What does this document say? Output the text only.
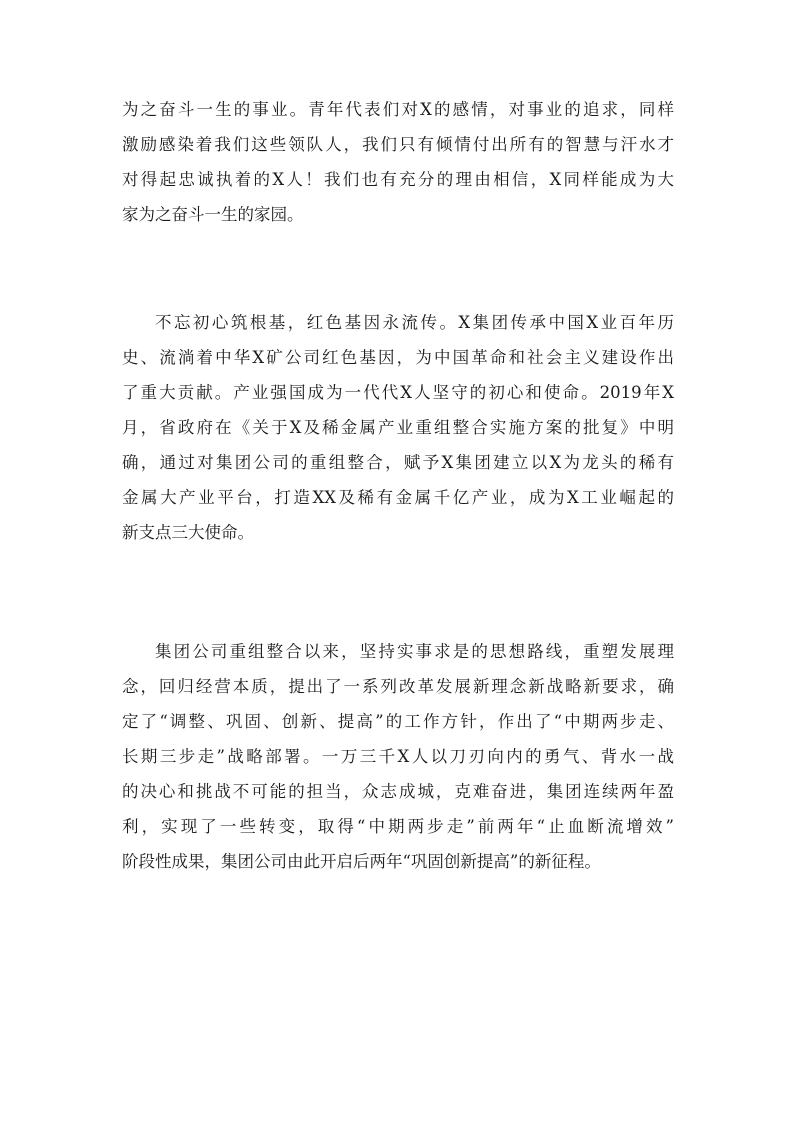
为之奋斗一生的事业。青年代表们对X的感情，对事业的追求，同样
激励感染着我们这些领队人，我们只有倾情付出所有的智慧与汗水才
对得起忠诚执着的X人！我们也有充分的理由相信，X同样能成为大
家为之奋斗一生的家园。
不忘初心筑根基，红色基因永流传。X集团传承中国X业百年历
史、流淌着中华X矿公司红色基因，为中国革命和社会主义建设作出
了重大贡献。产业强国成为一代代X人坚守的初心和使命。2019年X
月，省政府在《关于X及稀金属产业重组整合实施方案的批复》中明
确，通过对集团公司的重组整合，赋予X集团建立以X为龙头的稀有
金属大产业平台，打造XX及稀有金属千亿产业，成为X工业崛起的
新支点三大使命。
集团公司重组整合以来，坚持实事求是的思想路线，重塑发展理
念，回归经营本质，提出了一系列改革发展新理念新战略新要求，确
定了“调整、巩固、创新、提高”的工作方针，作出了“中期两步走、
长期三步走”战略部署。一万三千X人以刀刃向内的勇气、背水一战
的决心和挑战不可能的担当，众志成城，克难奋进，集团连续两年盈
利，实现了一些转变，取得“中期两步走”前两年“止血断流增效”
阶段性成果，集团公司由此开启后两年“巩固创新提高”的新征程。
